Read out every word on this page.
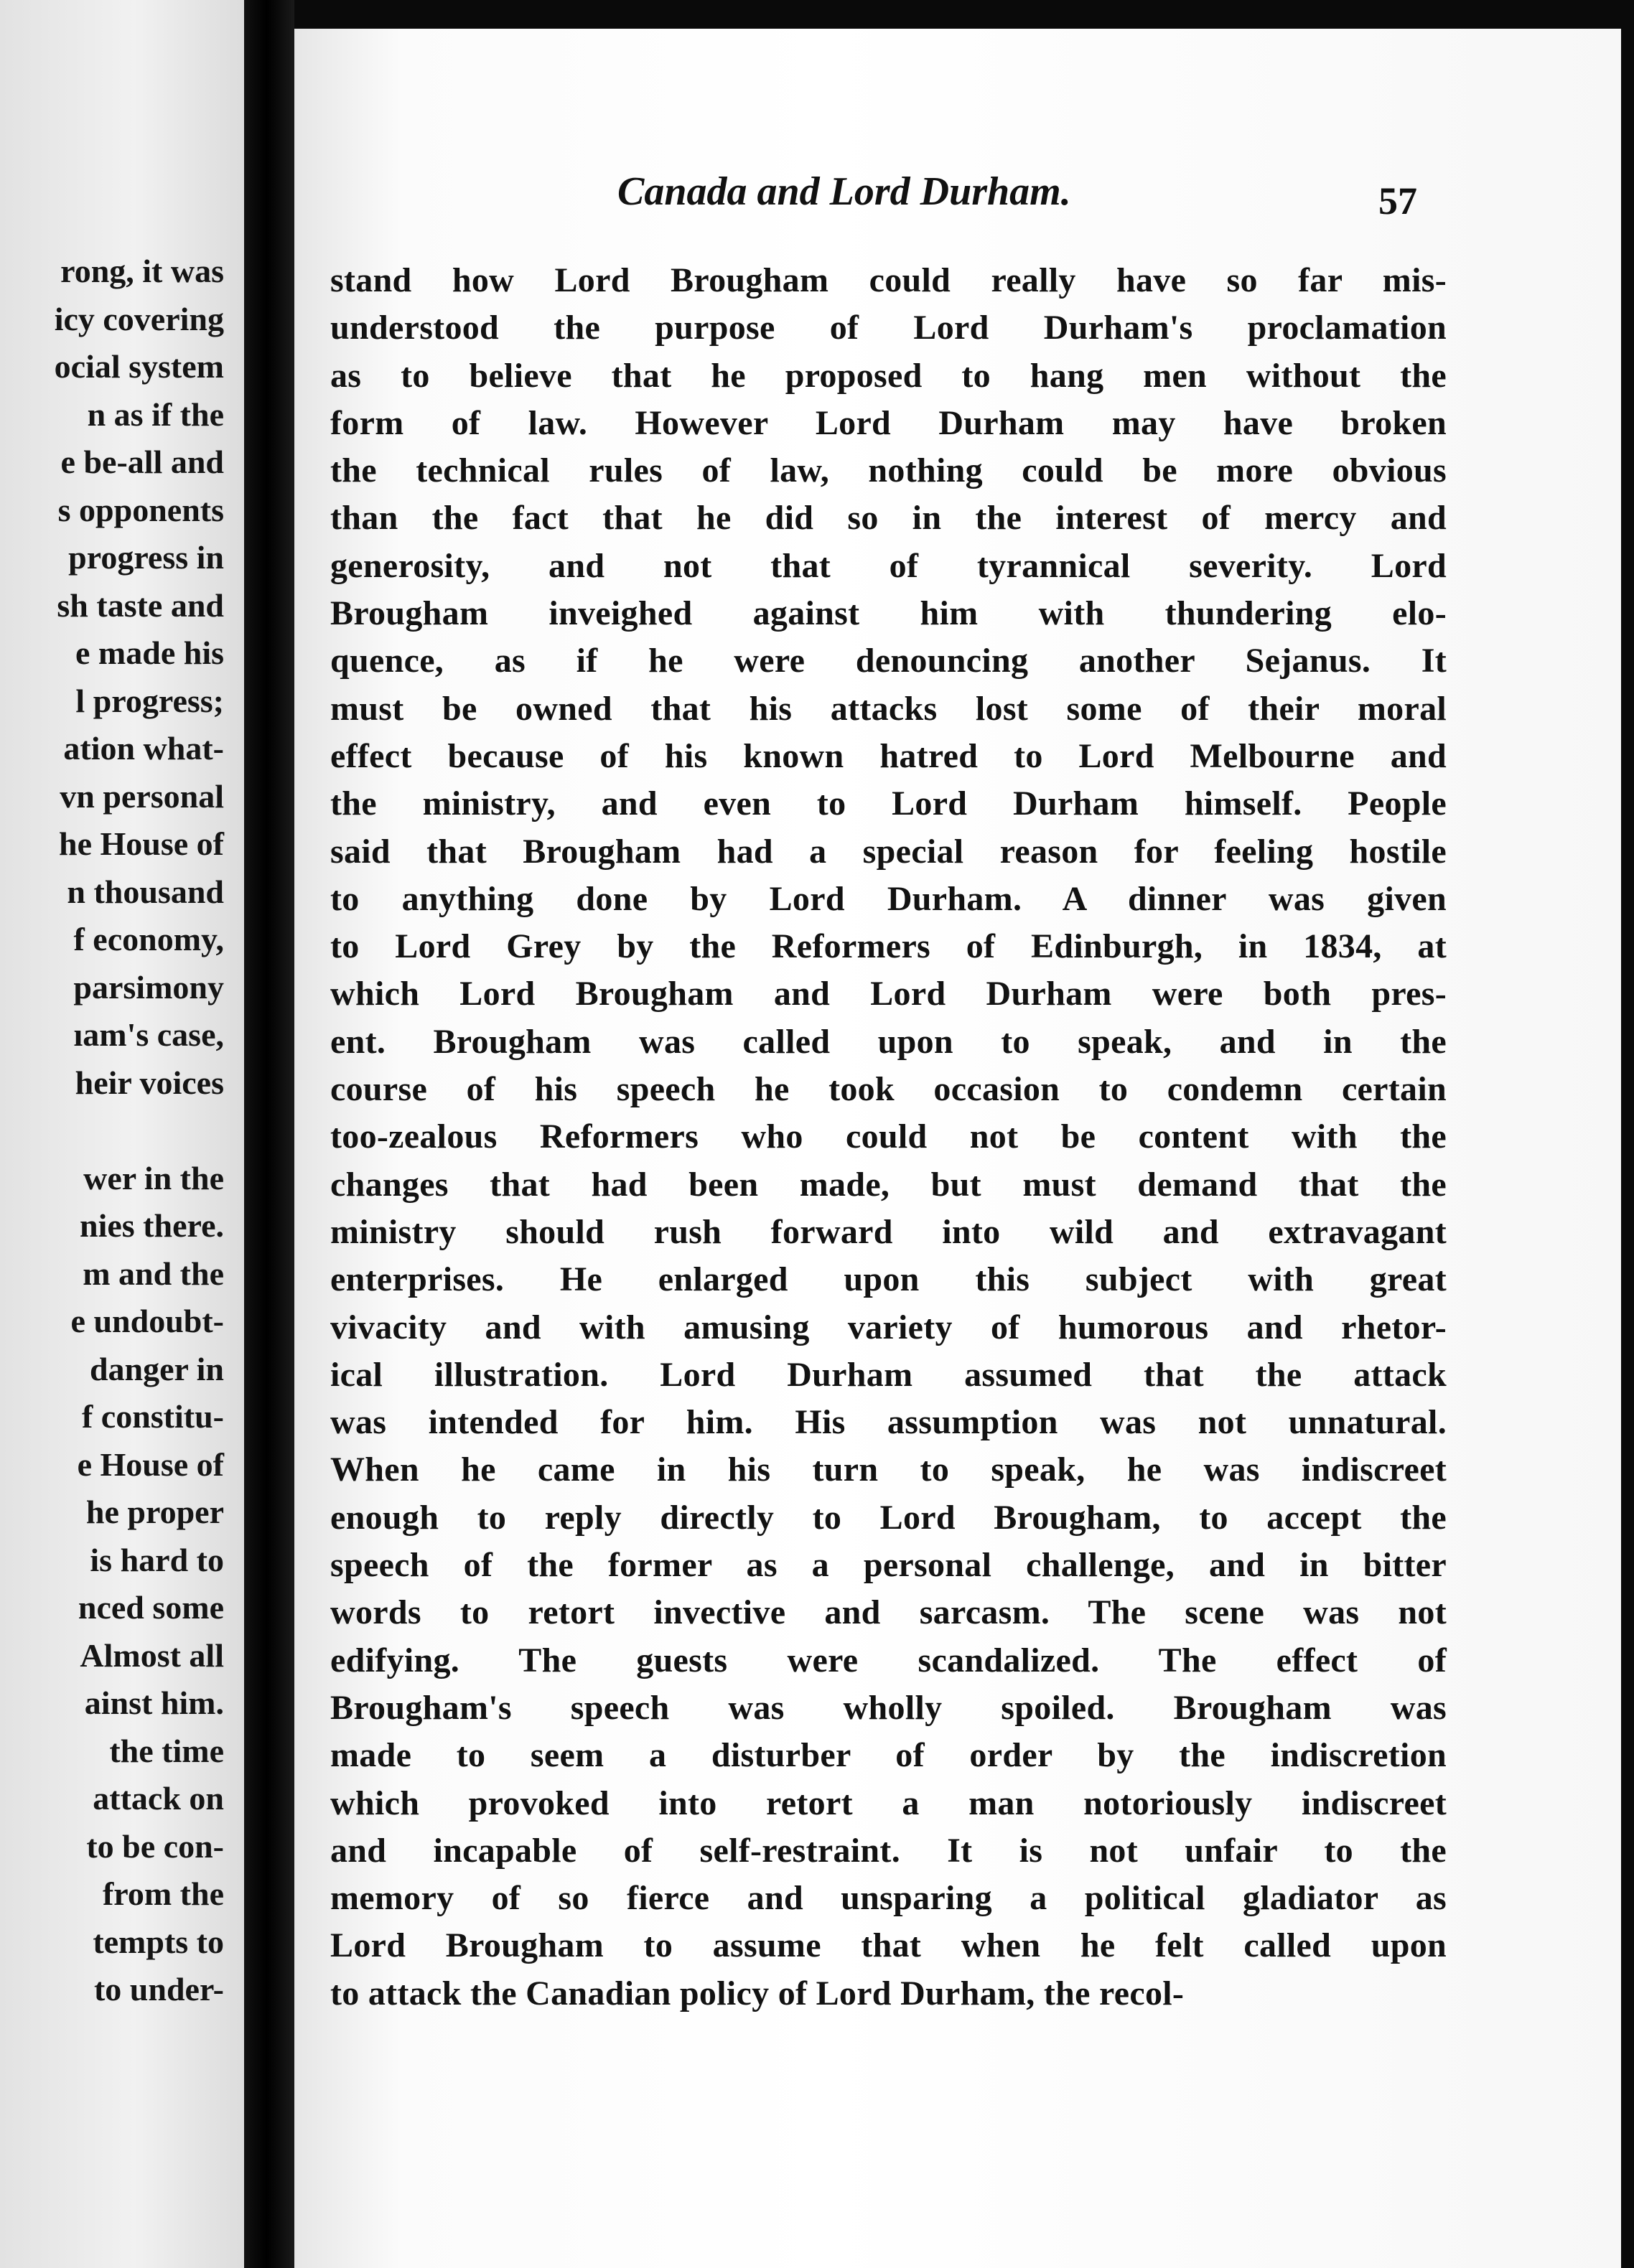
rong, it was
icy covering
ocial system
n as if the
e be-all and
s opponents
progress in
sh taste and
e made his
l progress;
ation what-
vn personal
he House of
n thousand
f economy,
parsimony
ıam's case,
heir voices

wer in the
nies there.
m and the
e undoubt-
danger in
f constitu-
e House of
he proper
is hard to
nced some
Almost all
ainst him.
the time
attack on
to be con-
from the
tempts to
to under-
Canada and Lord Durham.	57
stand how Lord Brougham could really have so far mis-
understood the purpose of Lord Durham's proclamation
as to believe that he proposed to hang men without the
form of law. However Lord Durham may have broken
the technical rules of law, nothing could be more obvious
than the fact that he did so in the interest of mercy and
generosity, and not that of tyrannical severity. Lord
Brougham inveighed against him with thundering elo-
quence, as if he were denouncing another Sejanus. It
must be owned that his attacks lost some of their moral
effect because of his known hatred to Lord Melbourne and
the ministry, and even to Lord Durham himself. People
said that Brougham had a special reason for feeling hostile
to anything done by Lord Durham. A dinner was given
to Lord Grey by the Reformers of Edinburgh, in 1834, at
which Lord Brougham and Lord Durham were both pres-
ent. Brougham was called upon to speak, and in the
course of his speech he took occasion to condemn certain
too-zealous Reformers who could not be content with the
changes that had been made, but must demand that the
ministry should rush forward into wild and extravagant
enterprises. He enlarged upon this subject with great
vivacity and with amusing variety of humorous and rhetor-
ical illustration. Lord Durham assumed that the attack
was intended for him. His assumption was not unnatural.
When he came in his turn to speak, he was indiscreet
enough to reply directly to Lord Brougham, to accept the
speech of the former as a personal challenge, and in bitter
words to retort invective and sarcasm. The scene was not
edifying. The guests were scandalized. The effect of
Brougham's speech was wholly spoiled. Brougham was
made to seem a disturber of order by the indiscretion
which provoked into retort a man notoriously indiscreet
and incapable of self-restraint. It is not unfair to the
memory of so fierce and unsparing a political gladiator as
Lord Brougham to assume that when he felt called upon
to attack the Canadian policy of Lord Durham, the recol-
